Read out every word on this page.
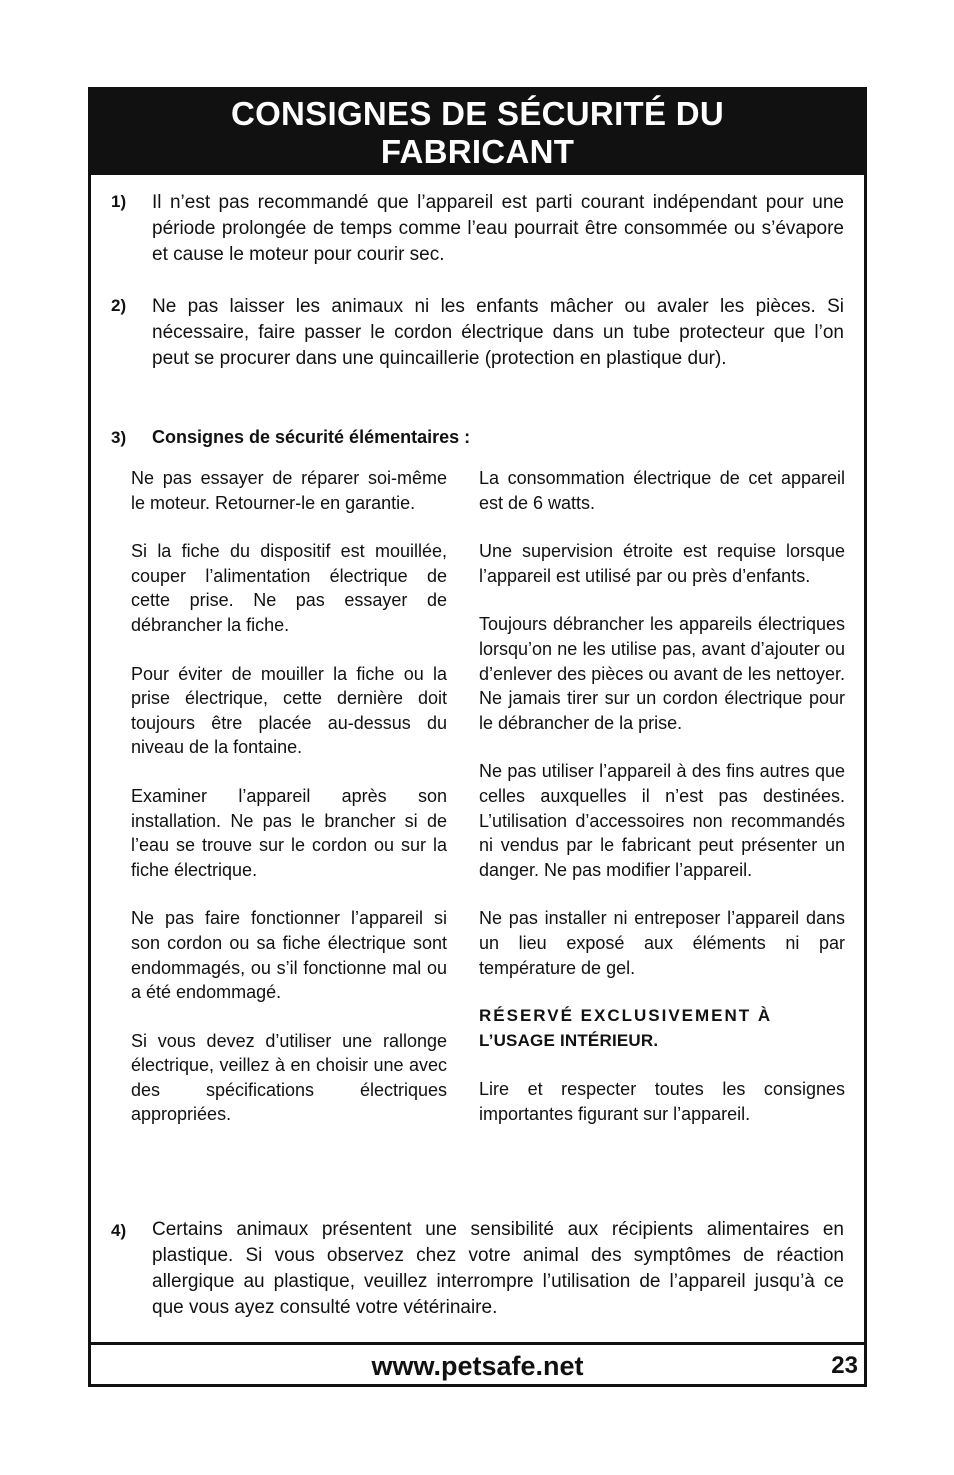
CONSIGNES DE SÉCURITÉ DU
FABRICANT
1) Il n’est pas recommandé que l’appareil est parti courant indépendant pour une période prolongée de temps comme l’eau pourrait être consommée ou s’évapore et cause le moteur pour courir sec.
2) Ne pas laisser les animaux ni les enfants mâcher ou avaler les pièces. Si nécessaire, faire passer le cordon électrique dans un tube protecteur que l’on peut se procurer dans une quincaillerie (protection en plastique dur).
3) Consignes de sécurité élémentaires :

Ne pas essayer de réparer soi-même le moteur. Retourner-le en garantie.

Si la fiche du dispositif est mouillée, couper l’alimentation électrique de cette prise. Ne pas essayer de débrancher la fiche.

Pour éviter de mouiller la fiche ou la prise électrique, cette dernière doit toujours être placée au-dessus du niveau de la fontaine.

Examiner l’appareil après son installation. Ne pas le brancher si de l’eau se trouve sur le cordon ou sur la fiche électrique.

Ne pas faire fonctionner l’appareil si son cordon ou sa fiche électrique sont endommagés, ou s’il fonctionne mal ou a été endommagé.

Si vous devez d’utiliser une rallonge électrique, veillez à en choisir une avec des spécifications électriques appropriées.

La consommation électrique de cet appareil est de 6 watts.

Une supervision étroite est requise lorsque l’appareil est utilisé par ou près d’enfants.

Toujours débrancher les appareils électriques lorsqu’on ne les utilise pas, avant d’ajouter ou d’enlever des pièces ou avant de les nettoyer. Ne jamais tirer sur un cordon électrique pour le débrancher de la prise.

Ne pas utiliser l’appareil à des fins autres que celles auxquelles il n’est pas destinées. L’utilisation d’accessoires non recommandés ni vendus par le fabricant peut présenter un danger. Ne pas modifier l’appareil.

Ne pas installer ni entreposer l’appareil dans un lieu exposé aux éléments ni par température de gel.

RÉSERVÉ EXCLUSIVEMENT À
L’USAGE INTÉRIEUR.

Lire et respecter toutes les consignes importantes figurant sur l’appareil.

4) Certains animaux présentent une sensibilité aux récipients alimentaires en plastique. Si vous observez chez votre animal des symptômes de réaction allergique au plastique, veuillez interrompre l’utilisation de l’appareil jusqu’à ce que vous ayez consulté votre vétérinaire.
www.petsafe.net	23
